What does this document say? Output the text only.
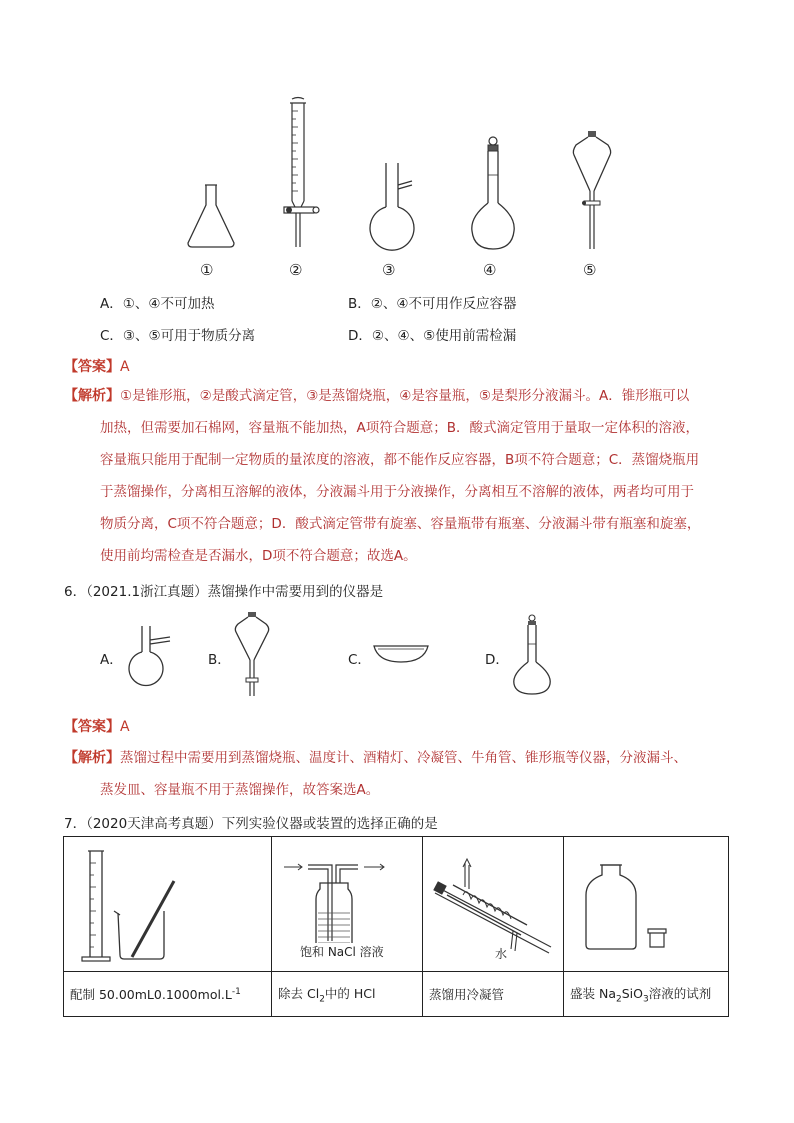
①	②	③	④	⑤
A．①、④不可加热	B．②、④不可用作反应容器
C．③、⑤可用于物质分离	D．②、④、⑤使用前需检漏
【答案】A
【解析】①是锥形瓶，②是酸式滴定管，③是蒸馏烧瓶，④是容量瓶，⑤是梨形分液漏斗。A．锥形瓶可以
加热，但需要加石棉网，容量瓶不能加热，A项符合题意；B．酸式滴定管用于量取一定体积的溶液，
容量瓶只能用于配制一定物质的量浓度的溶液，都不能作反应容器，B项不符合题意；C．蒸馏烧瓶用
于蒸馏操作，分离相互溶解的液体，分液漏斗用于分液操作，分离相互不溶解的液体，两者均可用于
物质分离，C项不符合题意；D．酸式滴定管带有旋塞、容量瓶带有瓶塞、分液漏斗带有瓶塞和旋塞，
使用前均需检查是否漏水，D项不符合题意；故选A。
6．（2021.1浙江真题）蒸馏操作中需要用到的仪器是
A．	B．	C．	D．
【答案】A
【解析】蒸馏过程中需要用到蒸馏烧瓶、温度计、酒精灯、冷凝管、牛角管、锥形瓶等仪器，分液漏斗、
蒸发皿、容量瓶不用于蒸馏操作，故答案选A。
7．（2020天津高考真题）下列实验仪器或装置的选择正确的是

饱和 NaCl 溶液	水

配制 $50.00mL0.1000mol.L^{-1}$	除去 $Cl_2$中的 HCl	蒸馏用冷凝管	盛装 $Na_2SiO_3$溶液的试剂
